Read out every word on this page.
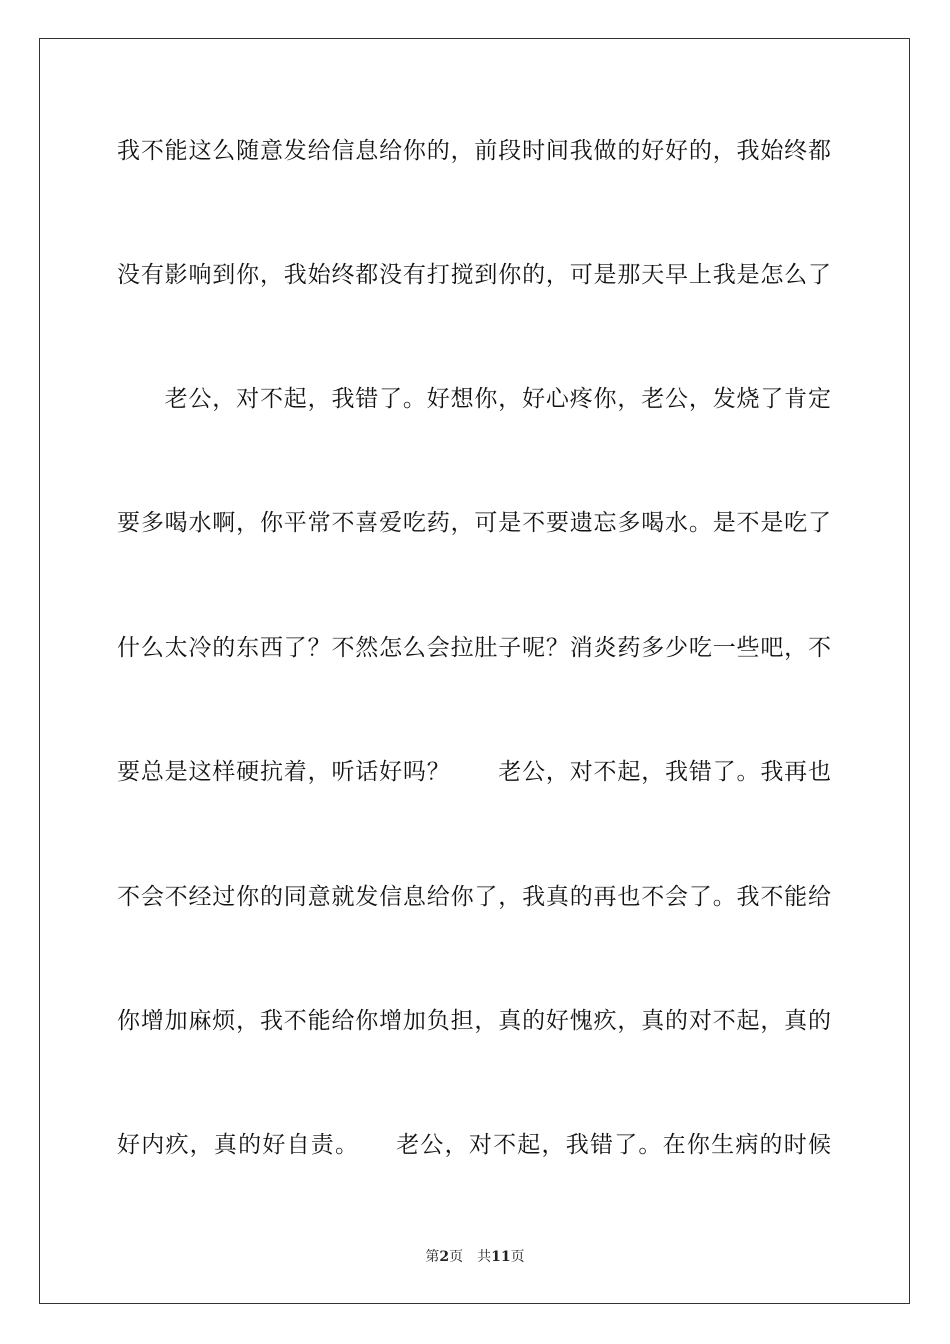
我不能这么随意发给信息给你的，前段时间我做的好好的，我始终都
没有影响到你，我始终都没有打搅到你的，可是那天早上我是怎么了
　　老公，对不起，我错了。好想你，好心疼你，老公，发烧了肯定
要多喝水啊，你平常不喜爱吃药，可是不要遗忘多喝水。是不是吃了
什么太冷的东西了？不然怎么会拉肚子呢？消炎药多少吃一些吧，不
要总是这样硬抗着，听话好吗？　　老公，对不起，我错了。我再也
不会不经过你的同意就发信息给你了，我真的再也不会了。我不能给
你增加麻烦，我不能给你增加负担，真的好愧疚，真的对不起，真的
好内疚，真的好自责。　　老公，对不起，我错了。在你生病的时候
第2页 共11页
